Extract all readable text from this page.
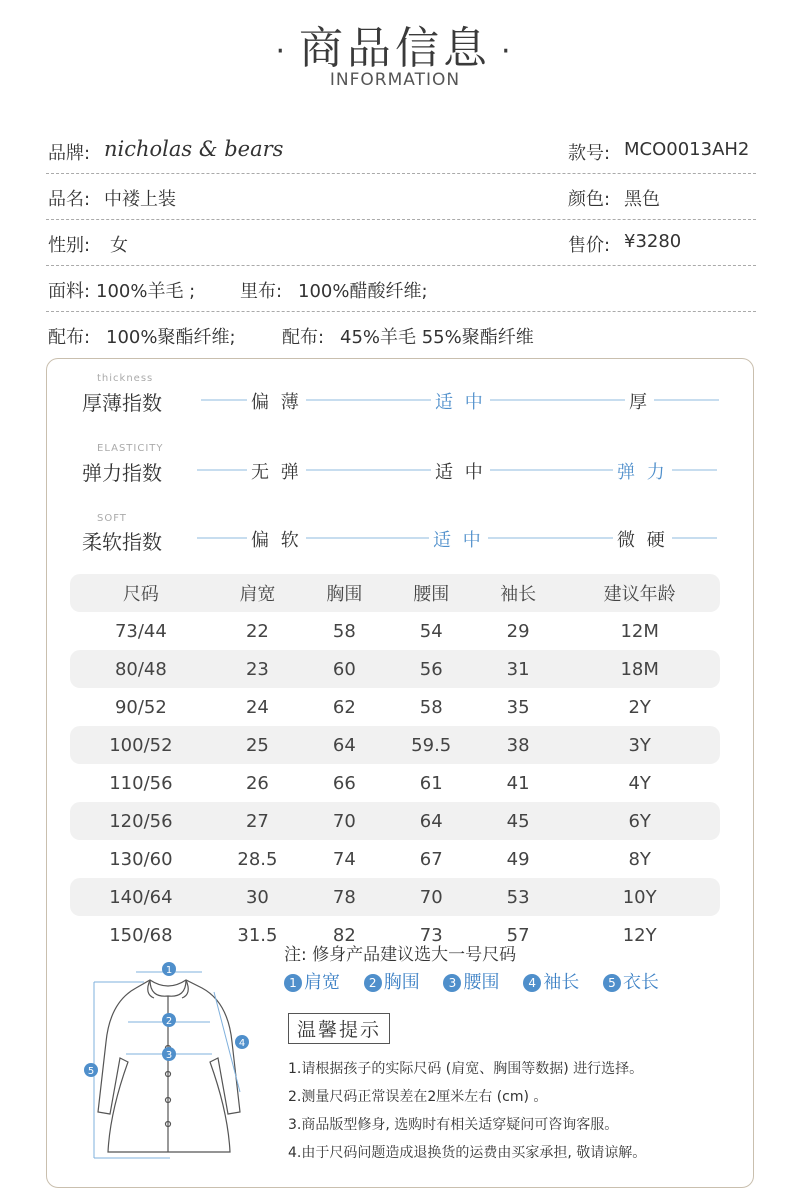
· 商品信息 ·
INFORMATION
品牌: nicholas & bears	款号: MCO0013AH2
品名: 中褛上装	颜色: 黑色
性别: 女	售价: ¥3280
面料: 100%羊毛 ; 里布: 100%醋酸纤维;
配布: 100%聚酯纤维;	配布: 45%羊毛 55%聚酯纤维
thickness
厚薄指数	偏 薄	适 中	厚
ELASTICITY
弹力指数	无 弹	适 中	弹 力
SOFT
柔软指数	偏 软	适 中	微 硬
尺码	肩宽	胸围	腰围	袖长	建议年龄
73/44	22	58	54	29	12M
80/48	23	60	56	31	18M
90/52	24	62	58	35	2Y
100/52	25	64	59.5	38	3Y
110/56	26	66	61	41	4Y
120/56	27	70	64	45	6Y
130/60	28.5	74	67	49	8Y
140/64	30	78	70	53	10Y
150/68	31.5	82	73	57	12Y
1
2
3
4
5
注: 修身产品建议选大一号尺码
1 肩宽 2 胸围 3 腰围 4 袖长 5 衣长
温馨提示
1.请根据孩子的实际尺码 (肩宽、胸围等数据) 进行选择。
2.测量尺码正常误差在2厘米左右 (cm) 。
3.商品版型修身, 选购时有相关适穿疑问可咨询客服。
4.由于尺码问题造成退换货的运费由买家承担, 敬请谅解。
